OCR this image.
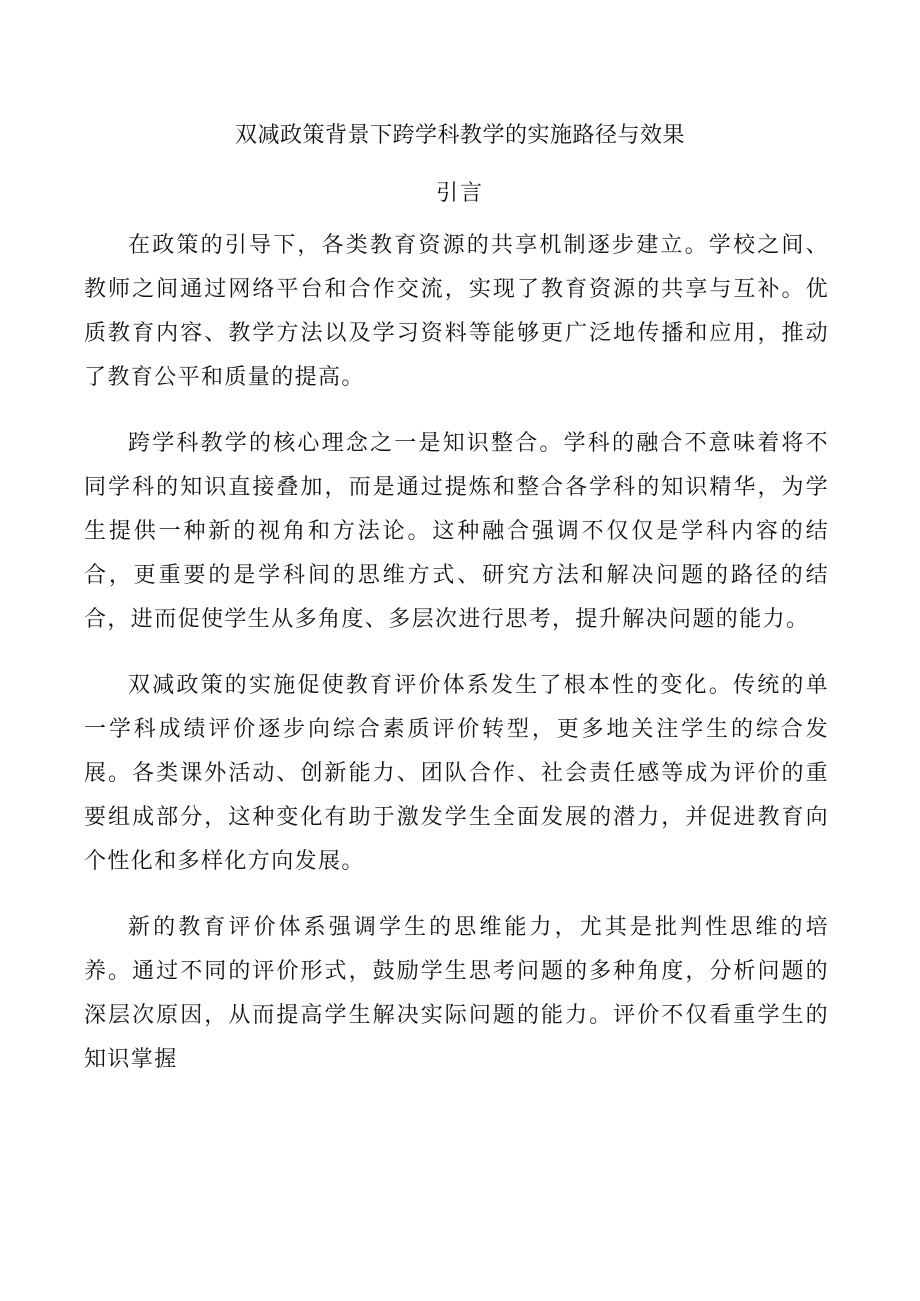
双减政策背景下跨学科教学的实施路径与效果
引言

在政策的引导下，各类教育资源的共享机制逐步建立。学校之间、教师之间通过网络平台和合作交流，实现了教育资源的共享与互补。优质教育内容、教学方法以及学习资料等能够更广泛地传播和应用，推动了教育公平和质量的提高。

跨学科教学的核心理念之一是知识整合。学科的融合不意味着将不同学科的知识直接叠加，而是通过提炼和整合各学科的知识精华，为学生提供一种新的视角和方法论。这种融合强调不仅仅是学科内容的结合，更重要的是学科间的思维方式、研究方法和解决问题的路径的结合，进而促使学生从多角度、多层次进行思考，提升解决问题的能力。

双减政策的实施促使教育评价体系发生了根本性的变化。传统的单一学科成绩评价逐步向综合素质评价转型，更多地关注学生的综合发展。各类课外活动、创新能力、团队合作、社会责任感等成为评价的重要组成部分，这种变化有助于激发学生全面发展的潜力，并促进教育向个性化和多样化方向发展。

新的教育评价体系强调学生的思维能力，尤其是批判性思维的培养。通过不同的评价形式，鼓励学生思考问题的多种角度，分析问题的深层次原因，从而提高学生解决实际问题的能力。评价不仅看重学生的知识掌握
